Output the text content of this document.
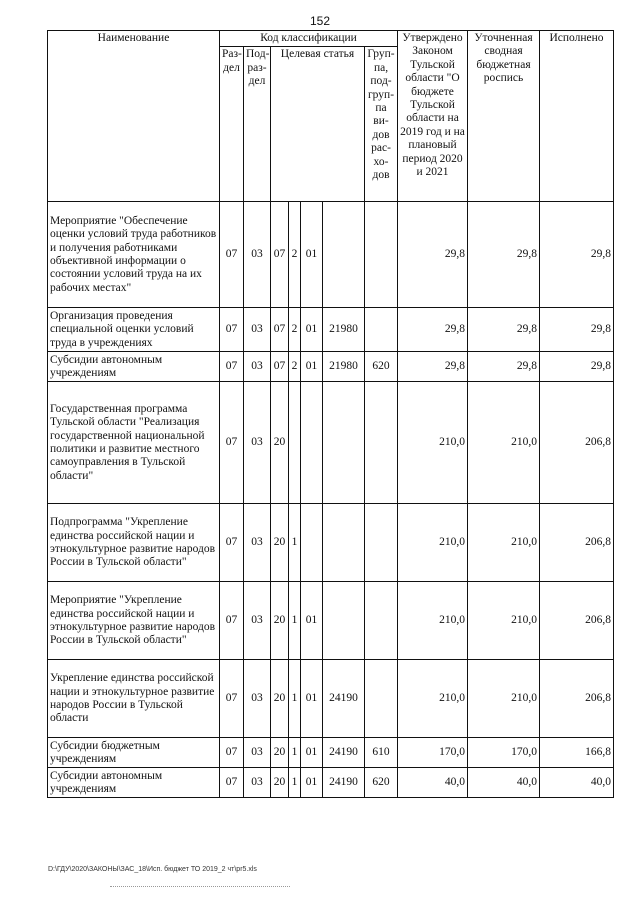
152
Наименование	Код классификации							Утверждено Законом Тульской области "О бюджете Тульской области на 2019 год и на плановый период 2020 и 2021	Уточненная сводная бюджетная роспись	Исполнено
	Раз-дел	Под-раз-дел	Целевая статья				Груп-па, под-груп-па ви-дов рас-хо-дов			
Мероприятие "Обеспечение оценки условий труда работников и получения работниками объективной информации о состоянии условий труда на их рабочих местах"	07	03	07	2	01			29,8	29,8	29,8
Организация проведения специальной оценки условий труда в учреждениях	07	03	07	2	01	21980		29,8	29,8	29,8
Субсидии автономным учреждениям	07	03	07	2	01	21980	620	29,8	29,8	29,8
Государственная программа Тульской области "Реализация государственной национальной политики и развитие местного самоуправления в Тульской области"	07	03	20					210,0	210,0	206,8
Подпрограмма "Укрепление единства российской нации и этнокультурное развитие народов России в Тульской области"	07	03	20	1				210,0	210,0	206,8
Мероприятие "Укрепление единства российской нации и этнокультурное развитие народов России в Тульской области"	07	03	20	1	01			210,0	210,0	206,8
Укрепление единства российской нации и этнокультурное развитие народов России в Тульской области	07	03	20	1	01	24190		210,0	210,0	206,8
Субсидии бюджетным учреждениям	07	03	20	1	01	24190	610	170,0	170,0	166,8
Субсидии автономным учреждениям	07	03	20	1	01	24190	620	40,0	40,0	40,0
D:\ГДУ\2020\ЗАКОНЫ\ЗАС_18\Исп. бюджет ТО 2019_2 чт\pr5.xls
